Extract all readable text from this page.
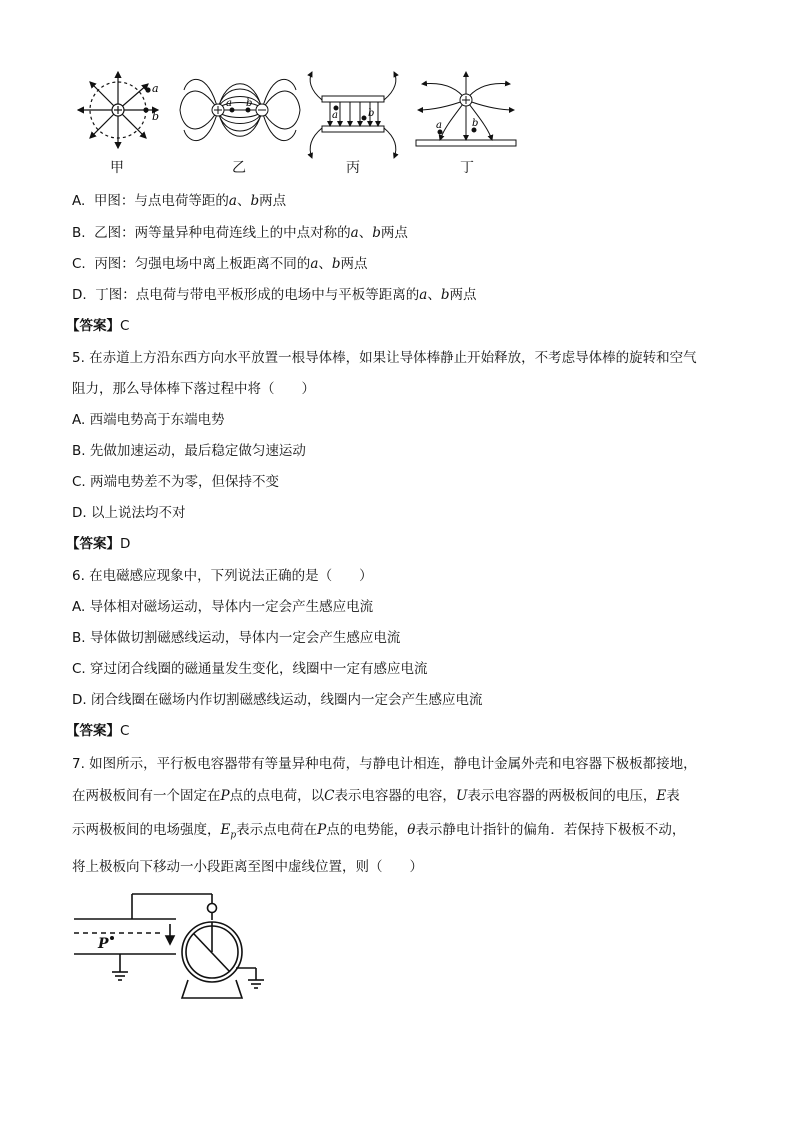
a
b
甲
a b
乙
a	b
丙
a	b
丁
A. 甲图：与点电荷等距的a、b两点
B. 乙图：两等量异种电荷连线上的中点对称的a、b两点
C. 丙图：匀强电场中离上板距离不同的a、b两点
D. 丁图：点电荷与带电平板形成的电场中与平板等距离的a、b两点
【答案】C
5. 在赤道上方沿东西方向水平放置一根导体棒，如果让导体棒静止开始释放，不考虑导体棒的旋转和空气
阻力，那么导体棒下落过程中将（　　）
A. 西端电势高于东端电势
B. 先做加速运动，最后稳定做匀速运动
C. 两端电势差不为零，但保持不变
D. 以上说法均不对
【答案】D
6. 在电磁感应现象中，下列说法正确的是（　　）
A. 导体相对磁场运动，导体内一定会产生感应电流
B. 导体做切割磁感线运动，导体内一定会产生感应电流
C. 穿过闭合线圈的磁通量发生变化，线圈中一定有感应电流
D. 闭合线圈在磁场内作切割磁感线运动，线圈内一定会产生感应电流
【答案】C
7. 如图所示，平行板电容器带有等量异种电荷，与静电计相连，静电计金属外壳和电容器下极板都接地，
在两极板间有一个固定在P点的点电荷，以C表示电容器的电容，U表示电容器的两极板间的电压，E表
示两极板间的电场强度，$E_p$表示点电荷在P点的电势能，θ表示静电计指针的偏角．若保持下极板不动，
将上极板向下移动一小段距离至图中虚线位置，则（　　）
P
